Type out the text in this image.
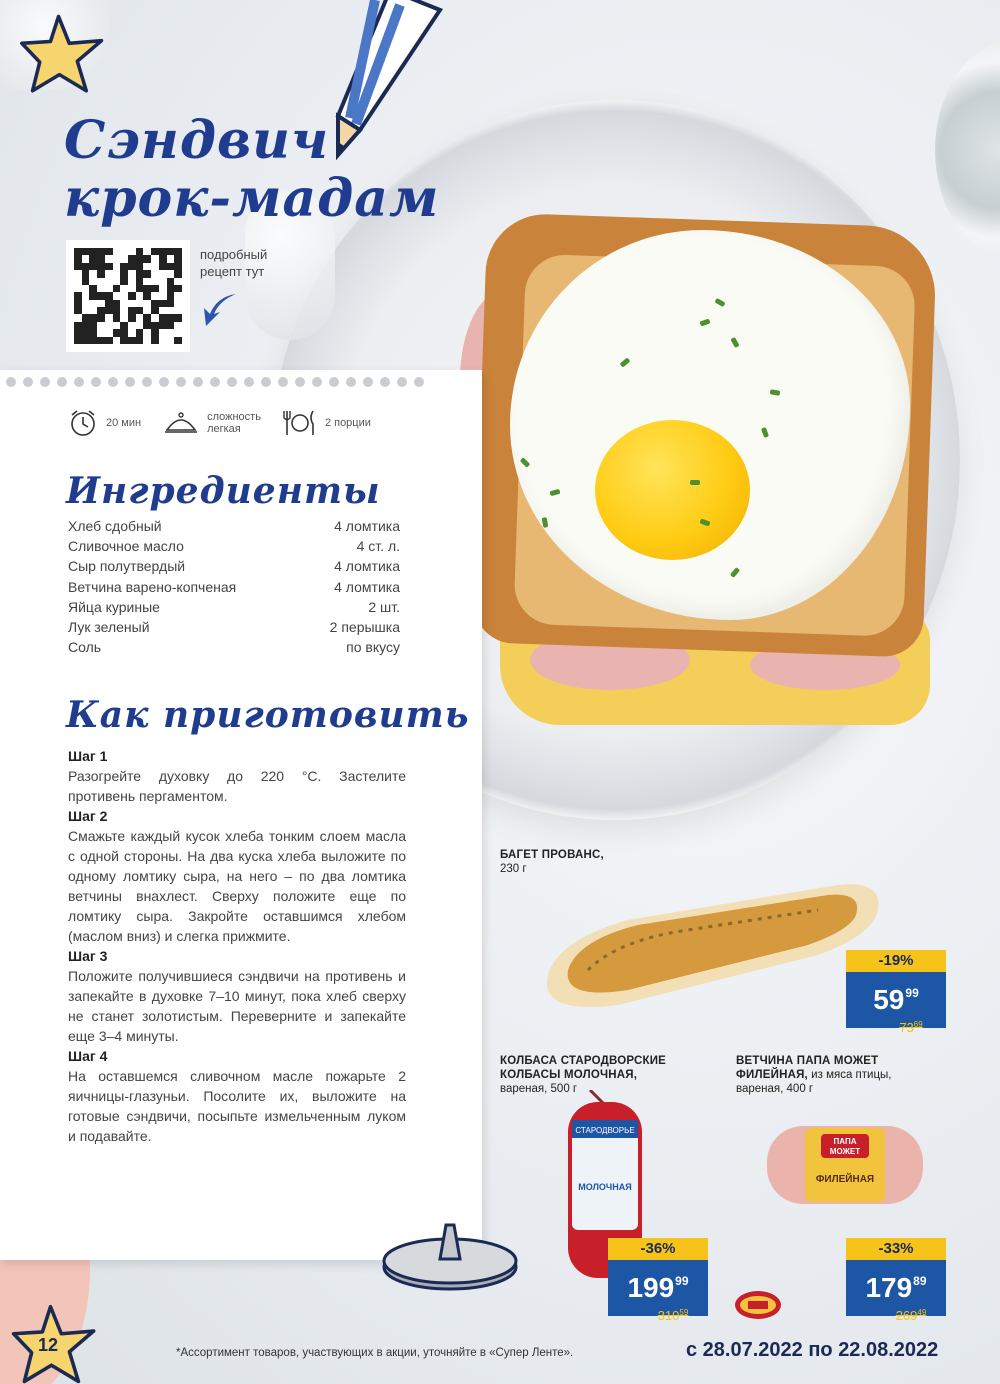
Сэндвич
крок-мадам
подробный
рецепт тут
20 мин	сложность
легкая	2 порции
Ингредиенты
Хлеб сдобный	4 ломтика
Сливочное масло	4 ст. л.
Сыр полутвердый	4 ломтика
Ветчина варено-копченая	4 ломтика
Яйца куриные	2 шт.
Лук зеленый	2 перышка
Соль	по вкусу
Как приготовить
Шаг 1
Разогрейте духовку до 220 °С. Застелите противень пергаментом.
Шаг 2
Смажьте каждый кусок хлеба тонким слоем масла с одной стороны. На два куска хлеба выложите по одному ломтику сыра, на него – по два ломтика ветчины внахлест. Сверху положите еще по ломтику сыра. Закройте оставшимся хлебом (маслом вниз) и слегка прижмите.
Шаг 3
Положите получившиеся сэндвичи на противень и запекайте в духовке 7–10 минут, пока хлеб сверху не станет золотистым. Переверните и запекайте еще 3–4 минуты.
Шаг 4
На оставшемся сливочном масле пожарьте 2 яичницы-глазуньи. Посолите их, выложите на готовые сэндвичи, посыпьте измельченным луком и подавайте.
БАГЕТ ПРОВАНС,
230 г
-19%
$59^{99}$
$73^{69}$
КОЛБАСА СТАРОДВОРСКИЕ КОЛБАСЫ МОЛОЧНАЯ,
вареная, 500 г
СТАРОДВОРЬЕ
МОЛОЧНАЯ
-36%
$199^{99}$
$310^{59}$
ВЕТЧИНА ПАПА МОЖЕТ ФИЛЕЙНАЯ, из мяса птицы, вареная, 400 г
ПАПА
МОЖЕТ
ФИЛЕЙНАЯ
-33%
$179^{89}$
$269^{49}$
12	*Ассортимент товаров, участвующих в акции, уточняйте в «Супер Ленте».	с 28.07.2022 по 22.08.2022
